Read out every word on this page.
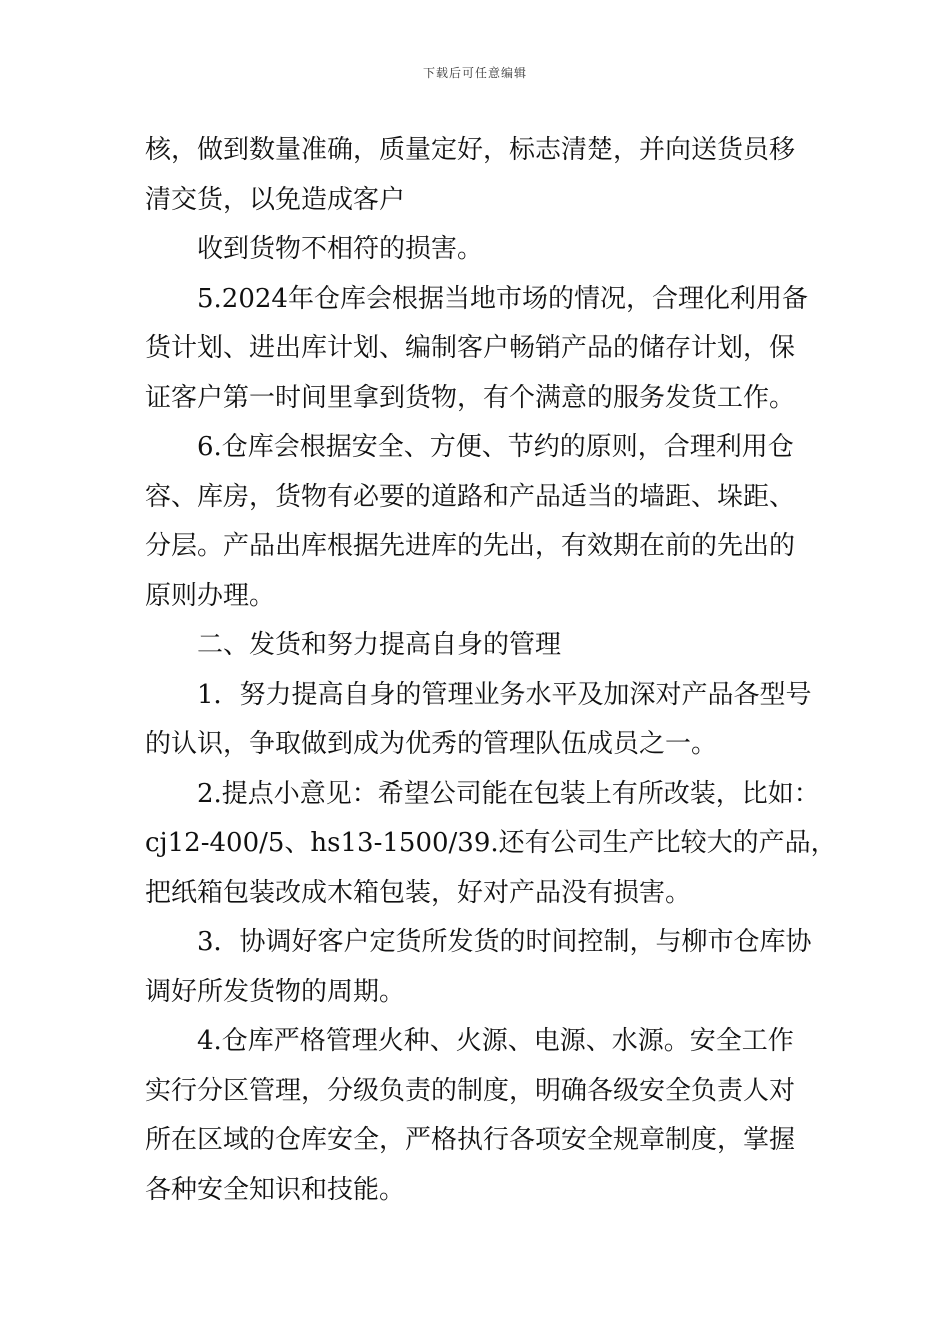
下载后可任意编辑
核，做到数量准确，质量定好，标志清楚，并向送货员移
清交货，以免造成客户
收到货物不相符的损害。
5.2024年仓库会根据当地市场的情况，合理化利用备
货计划、进出库计划、编制客户畅销产品的储存计划，保
证客户第一时间里拿到货物，有个满意的服务发货工作。
6.仓库会根据安全、方便、节约的原则，合理利用仓
容、库房，货物有必要的道路和产品适当的墙距、垛距、
分层。产品出库根据先进库的先出，有效期在前的先出的
原则办理。
二、发货和努力提高自身的管理
1．努力提高自身的管理业务水平及加深对产品各型号
的认识，争取做到成为优秀的管理队伍成员之一。
2.提点小意见：希望公司能在包装上有所改装，比如：
cj12-400/5、hs13-1500/39.还有公司生产比较大的产品，
把纸箱包装改成木箱包装，好对产品没有损害。
3．协调好客户定货所发货的时间控制，与柳市仓库协
调好所发货物的周期。
4.仓库严格管理火种、火源、电源、水源。安全工作
实行分区管理，分级负责的制度，明确各级安全负责人对
所在区域的仓库安全，严格执行各项安全规章制度，掌握
各种安全知识和技能。
